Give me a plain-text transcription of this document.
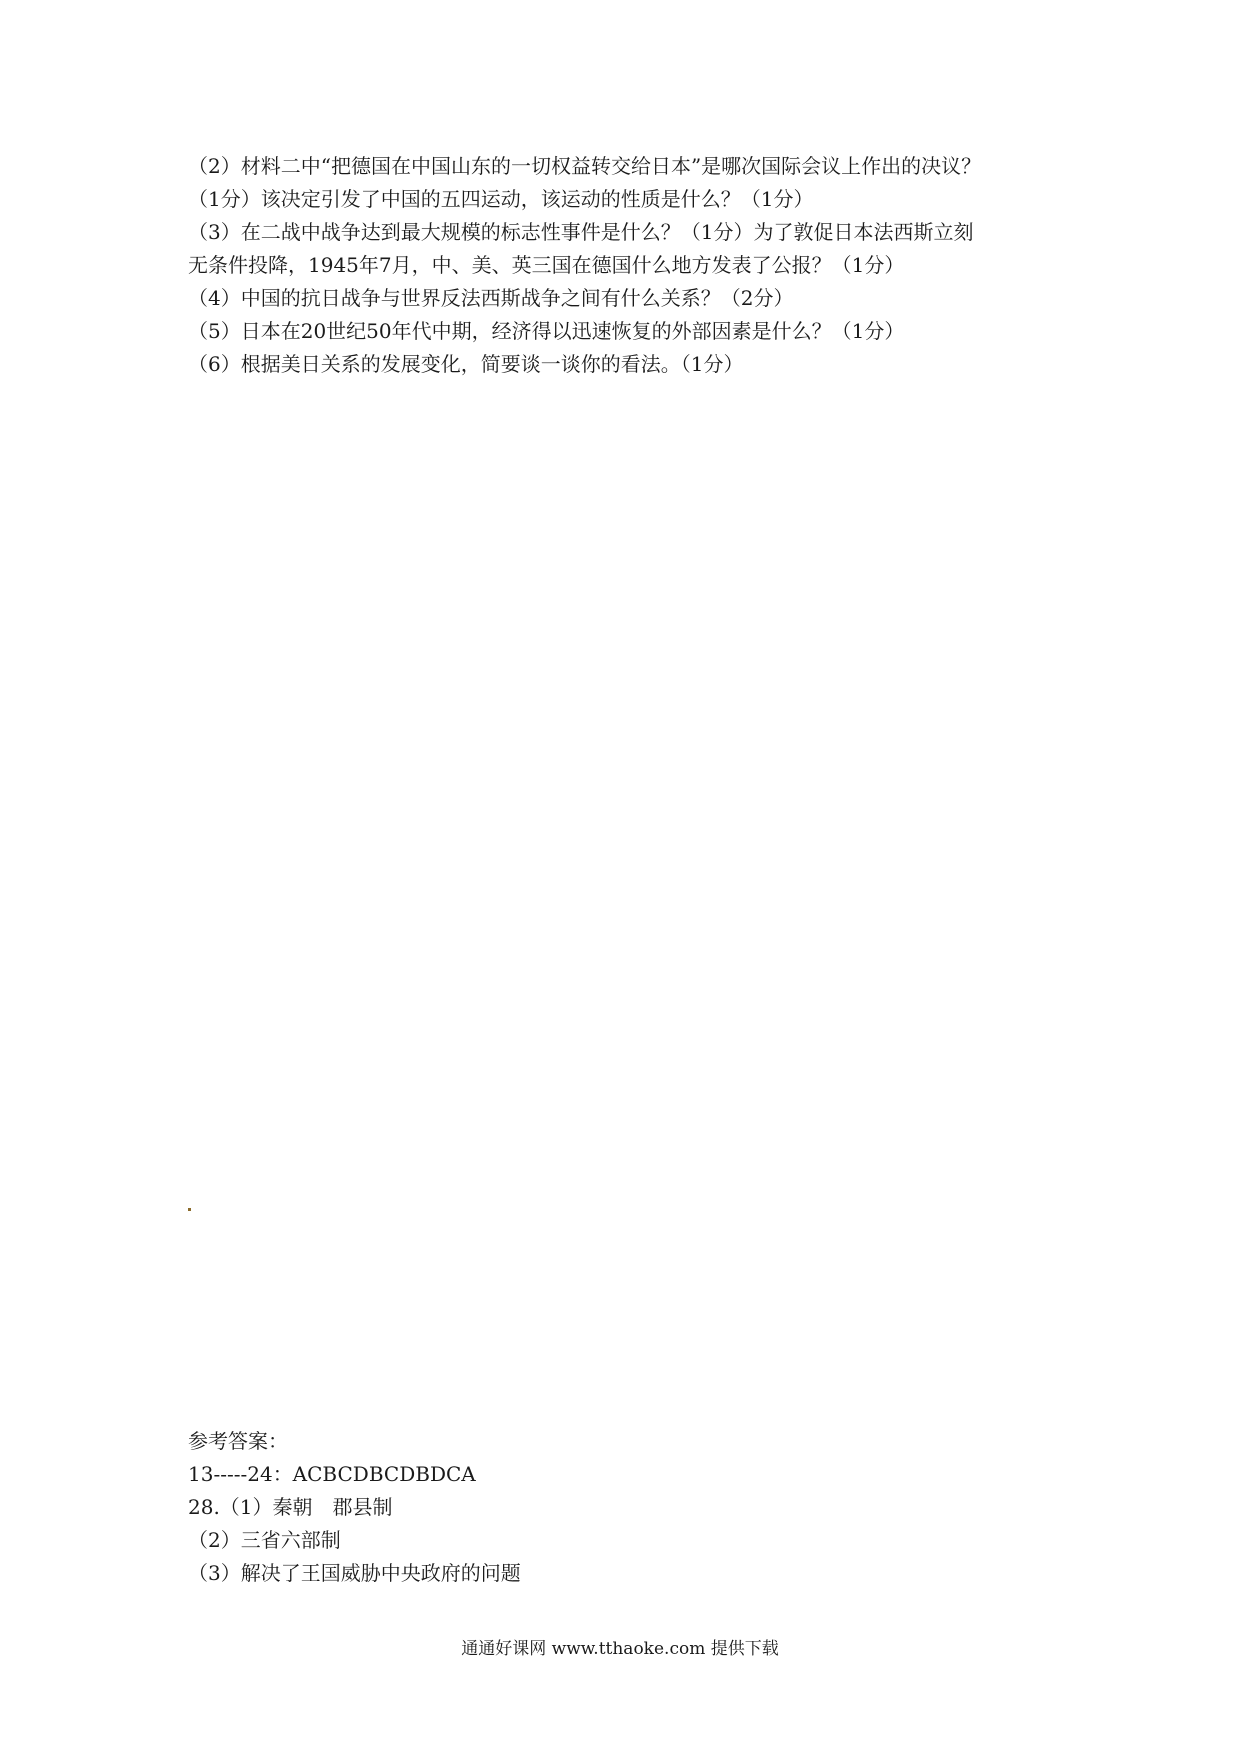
（2）材料二中“把德国在中国山东的一切权益转交给日本”是哪次国际会议上作出的决议？
（1分）该决定引发了中国的五四运动，该运动的性质是什么？（1分）
（3）在二战中战争达到最大规模的标志性事件是什么？（1分）为了敦促日本法西斯立刻
无条件投降，1945年7月，中、美、英三国在德国什么地方发表了公报？（1分）
（4）中国的抗日战争与世界反法西斯战争之间有什么关系？（2分）
（5）日本在20世纪50年代中期，经济得以迅速恢复的外部因素是什么？（1分）
（6）根据美日关系的发展变化，简要谈一谈你的看法。（1分）
参考答案：
13-----24：ACBCDBCDBDCA
28.（1）秦朝　郡县制
（2）三省六部制
（3）解决了王国威胁中央政府的问题
通通好课网 www.tthaoke.com 提供下载
